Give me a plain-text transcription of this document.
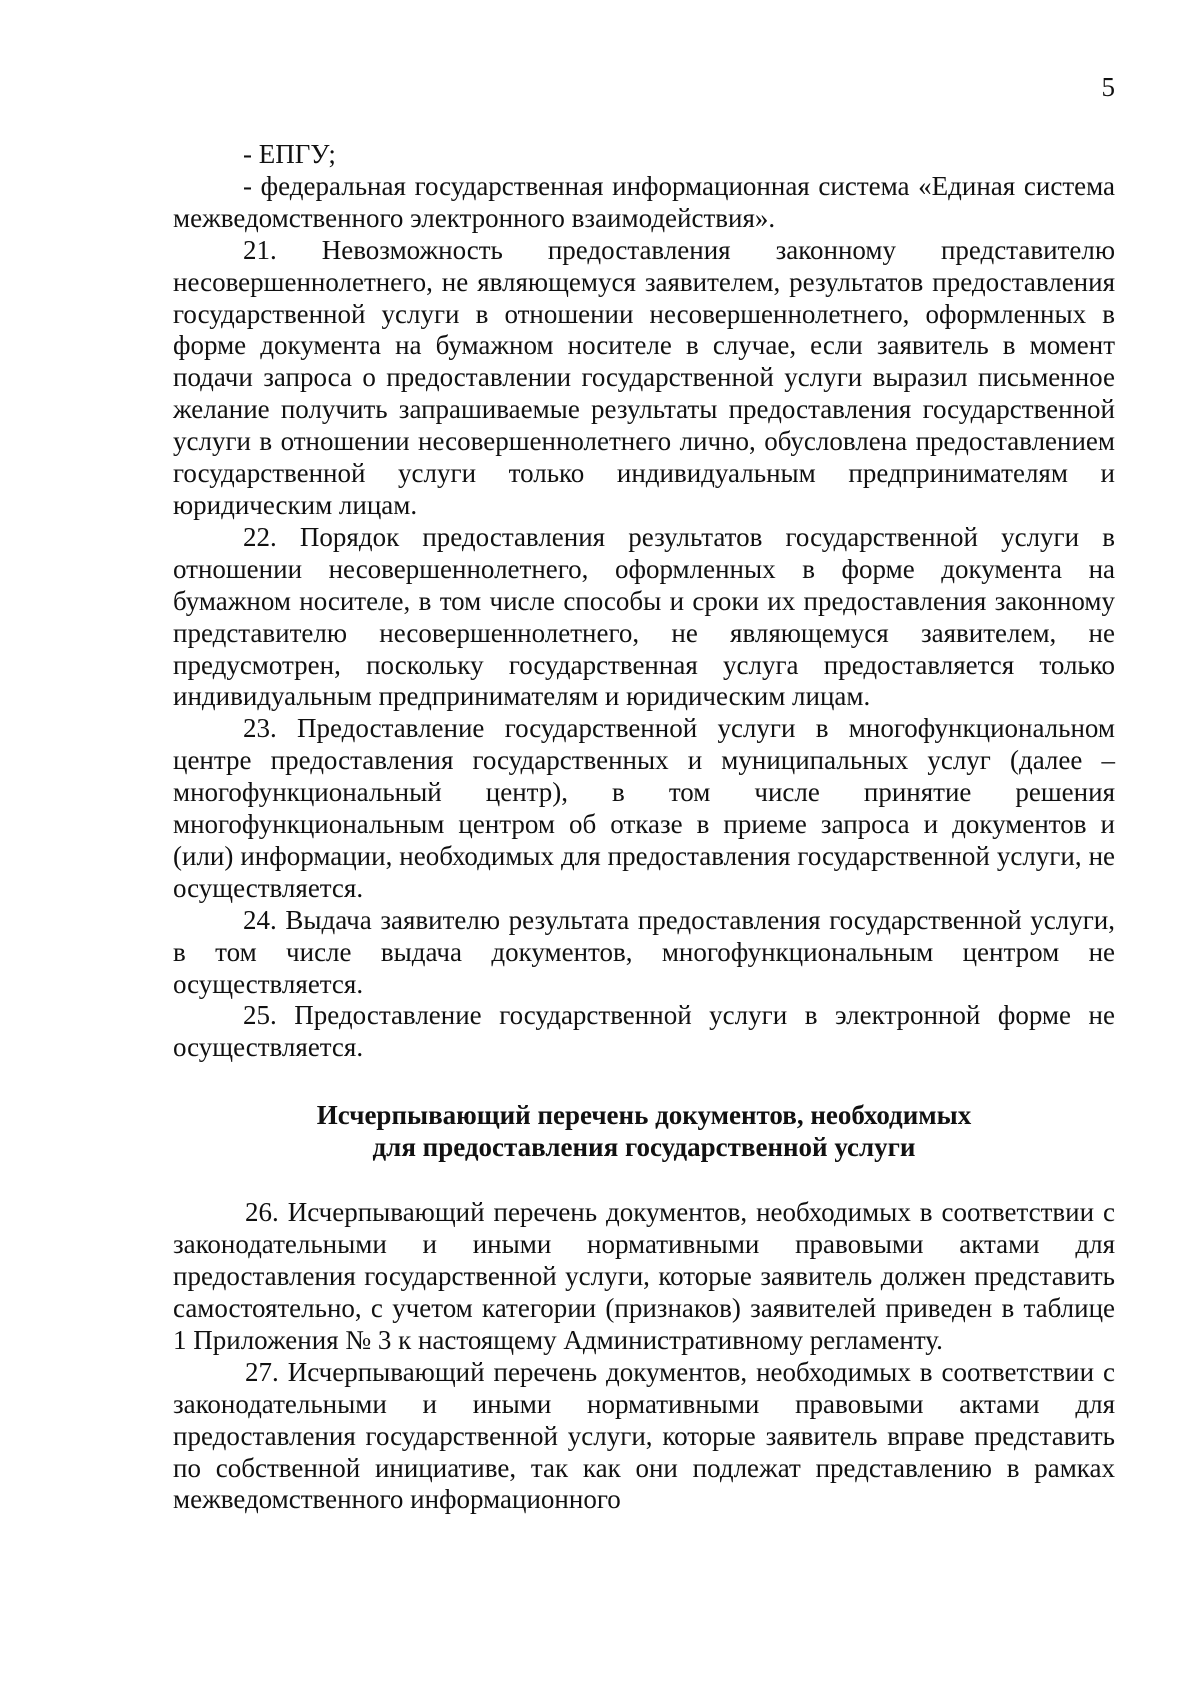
5

- ЕПГУ;

- федеральная государственная информационная система «Единая система межведомственного электронного взаимодействия».

21. Невозможность предоставления законному представителю несовершеннолетнего, не являющемуся заявителем, результатов предоставления государственной услуги в отношении несовершеннолетнего, оформленных в форме документа на бумажном носителе в случае, если заявитель в момент подачи запроса о предоставлении государственной услуги выразил письменное желание получить запрашиваемые результаты предоставления государственной услуги в отношении несовершеннолетнего лично, обусловлена предоставлением государственной услуги только индивидуальным предпринимателям и юридическим лицам.

22. Порядок предоставления результатов государственной услуги в отношении несовершеннолетнего, оформленных в форме документа на бумажном носителе, в том числе способы и сроки их предоставления законному представителю несовершеннолетнего, не являющемуся заявителем, не предусмотрен, поскольку государственная услуга предоставляется только индивидуальным предпринимателям и юридическим лицам.

23. Предоставление государственной услуги в многофункциональном центре предоставления государственных и муниципальных услуг (далее – многофункциональный центр), в том числе принятие решения многофункциональным центром об отказе в приеме запроса и документов и (или) информации, необходимых для предоставления государственной услуги, не осуществляется.

24. Выдача заявителю результата предоставления государственной услуги, в том числе выдача документов, многофункциональным центром не осуществляется.

25. Предоставление государственной услуги в электронной форме не осуществляется.

Исчерпывающий перечень документов, необходимых
для предоставления государственной услуги

26. Исчерпывающий перечень документов, необходимых в соответствии с законодательными и иными нормативными правовыми актами для предоставления государственной услуги, которые заявитель должен представить самостоятельно, с учетом категории (признаков) заявителей приведен в таблице 1 Приложения № 3 к настоящему Административному регламенту.

27. Исчерпывающий перечень документов, необходимых в соответствии с законодательными и иными нормативными правовыми актами для предоставления государственной услуги, которые заявитель вправе представить по собственной инициативе, так как они подлежат представлению в рамках межведомственного информационного
